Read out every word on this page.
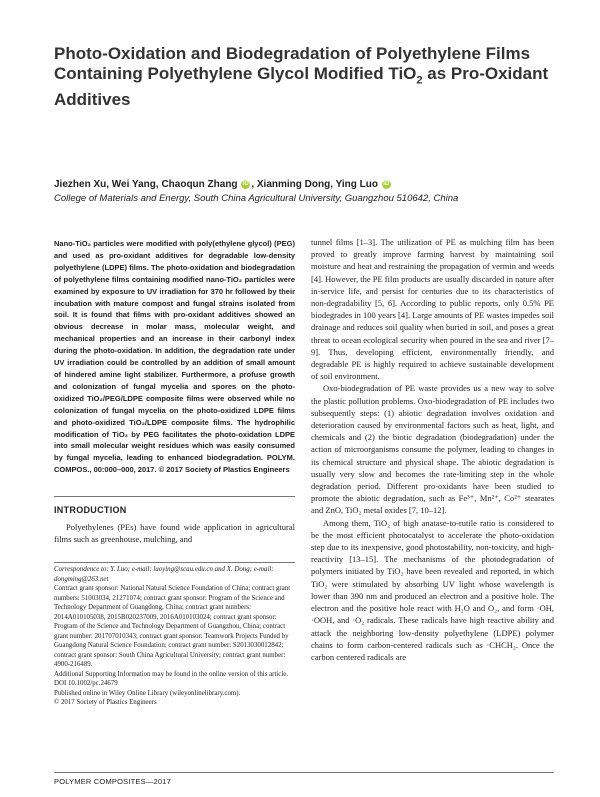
Photo-Oxidation and Biodegradation of Polyethylene Films Containing Polyethylene Glycol Modified TiO$_2$ as Pro-Oxidant Additives
Jiezhen Xu, Wei Yang, Chaoqun Zhang iD , Xianming Dong, Ying Luo iD
College of Materials and Energy, South China Agricultural University, Guangzhou 510642, China

Nano-TiO₂ particles were modified with poly(ethylene glycol) (PEG) and used as pro-oxidant additives for degradable low-density polyethylene (LDPE) films. The photo-oxidation and biodegradation of polyethylene films containing modified nano-TiO₂ particles were examined by exposure to UV irradiation for 370 hr followed by their incubation with mature compost and fungal strains isolated from soil. It is found that films with pro-oxidant additives showed an obvious decrease in molar mass, molecular weight, and mechanical properties and an increase in their carbonyl index during the photo-oxidation. In addition, the degradation rate under UV irradiation could be controlled by an addition of small amount of hindered amine light stabilizer. Furthermore, a profuse growth and colonization of fungal mycelia and spores on the photo-oxidized TiO₂/PEG/LDPE composite films were observed while no colonization of fungal mycelia on the photo-oxidized LDPE films and photo-oxidized TiO₂/LDPE composite films. The hydrophilic modification of TiO₂ by PEG facilitates the photo-oxidation LDPE into small molecular weight residues which was easily consumed by fungal mycelia, leading to enhanced biodegradation. POLYM. COMPOS., 00:000–000, 2017. © 2017 Society of Plastics Engineers

INTRODUCTION

Polyethylenes (PEs) have found wide application in agricultural films such as greenhouse, mulching, and

Correspondence to: Y. Luo; e-mail: luoying@scau.edu.cn and X. Dong; e-mail: dongming@263.net

Contract grant sponsor: National Natural Science Foundation of China; contract grant numbers: 51003034, 21271074; contract grant sponsor: Program of the Science and Technology Department of Guangdong, China; contract grant numbers: 2014A010105038, 2015B020237009, 2016A010103024; contract grant sponsor: Program of the Science and Technology Department of Guangzhou, China; contract grant number: 201707010343; contract grant sponsor: Teamwork Projects Funded by Guangdong Natural Science Foundation; contract grant number: S2013030012842; contract grant sponsor: South China Agricultural University; contract grant number: 4900-216489.

Additional Supporting Information may be found in the online version of this article.

DOI 10.1002/pc.24679

Published online in Wiley Online Library (wileyonlinelibrary.com).

© 2017 Society of Plastics Engineers

tunnel films [1–3]. The utilization of PE as mulching film has been proved to greatly improve farming harvest by maintaining soil moisture and heat and restraining the propagation of vermin and weeds [4]. However, the PE film products are usually discarded in nature after in-service life, and persist for centuries due to its characteristics of non-degradability [5, 6]. According to public reports, only 0.5% PE biodegrades in 100 years [4]. Large amounts of PE wastes impedes soil drainage and reduces soil quality when buried in soil, and poses a great threat to ocean ecological security when poured in the sea and river [7–9]. Thus, developing efficient, environmentally friendly, and degradable PE is highly required to achieve sustainable development of soil environment.

Oxo-biodegradation of PE waste provides us a new way to solve the plastic pollution problems. Oxo-biodegradation of PE includes two subsequently steps: (1) abiotic degradation involves oxidation and deterioration caused by environmental factors such as heat, light, and chemicals and (2) the biotic degradation (biodegradation) under the action of microorganisms consume the polymer, leading to changes in its chemical structure and physical shape. The abiotic degradation is usually very slow and becomes the rate-limiting step in the whole degradation period. Different pro-oxidants have been studied to promote the abiotic degradation, such as Fe³⁺, Mn²⁺, Co²⁺ stearates and ZnO, TiO₂ metal oxides [7, 10–12].

Among them, TiO₂ of high anatase-to-rutile ratio is considered to be the most efficient photocatalyst to accelerate the photo-oxidation step due to its inexpensive, good photostability, non-toxicity, and high-reactivity [13–15]. The mechanisms of the photodegradation of polymers initiated by TiO₂ have been revealed and reported, in which TiO₂ were stimulated by absorbing UV light whose wavelength is lower than 390 nm and produced an electron and a positive hole. The electron and the positive hole react with H₂O and O₂, and form ·OH, ·OOH, and ·O₂ radicals. These radicals have high reactive ability and attack the neighboring low-density polyethylene (LDPE) polymer chains to form carbon-centered radicals such as ·CHCH₂. Once the carbon centered radicals are

POLYMER COMPOSITES—2017
